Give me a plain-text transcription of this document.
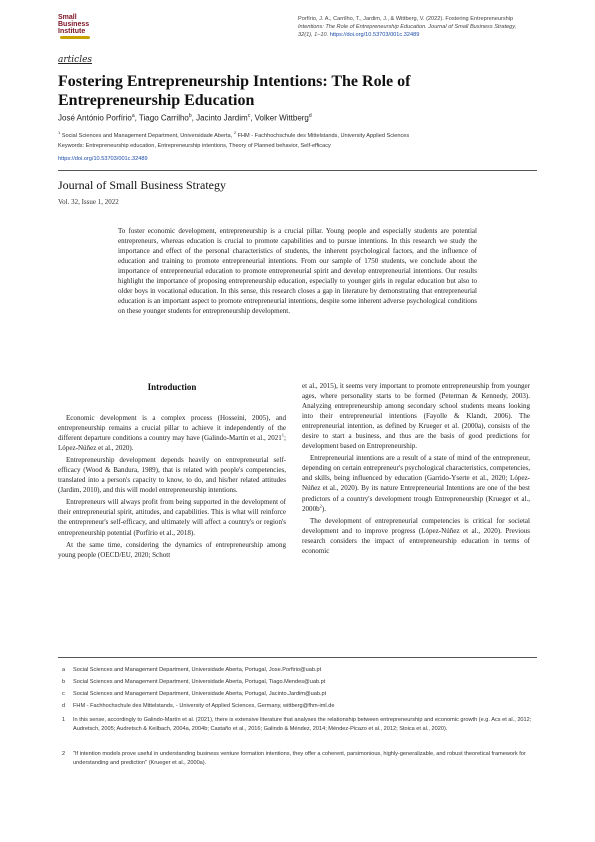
Small
Business
Institute
Porfírio, J. A., Carrilho, T., Jardim, J., & Wittberg, V. (2022). Fostering Entrepreneurship
Intentions: The Role of Entrepreneurship Education. Journal of Small Business Strategy,
32(1), 1–10. https://doi.org/10.53703/001c.32489
articles
Fostering Entrepreneurship Intentions: The Role of Entrepreneurship Education
José António Porfírio$^a$, Tiago Carrilho$^b$, Jacinto Jardim$^c$, Volker Wittberg$^d$
$^1$ Social Sciences and Management Department, Universidade Aberta, $^2$ FHM - Fachhochschule des Mittelstands, University Applied Sciences
Keywords: Entrepreneurship education, Entrepreneurship intentions, Theory of Planned behavior, Self-efficacy
https://doi.org/10.53703/001c.32489
Journal of Small Business Strategy
Vol. 32, Issue 1, 2022

To foster economic development, entrepreneurship is a crucial pillar. Young people and especially students are potential entrepreneurs, whereas education is crucial to promote capabilities and to pursue intentions. In this research we study the importance and effect of the personal characteristics of students, the inherent psychological factors, and the influence of education and training to promote entrepreneurial intentions. From our sample of 1750 students, we conclude about the importance of entrepreneurial education to promote entrepreneurial spirit and develop entrepreneurial intentions. Our results highlight the importance of proposing entrepreneurship education, especially to younger girls in regular education but also to older boys in vocational education. In this sense, this research closes a gap in literature by demonstrating that entrepreneurial education is an important aspect to promote entrepreneurial intentions, despite some inherent adverse psychological conditions on these younger students for entrepreneurship development.

Introduction

Economic development is a complex process (Hosseini, 2005), and entrepreneurship remains a crucial pillar to achieve it independently of the different departure conditions a country may have (Galindo-Martín et al., 2021$^1$; López-Núñez et al., 2020).

Entrepreneurship development depends heavily on entrepreneurial self-efficacy (Wood & Bandura, 1989), that is related with people's competencies, translated into a person's capacity to know, to do, and his/her related attitudes (Jardim, 2010), and this will model entrepreneurship intentions.

Entrepreneurs will always profit from being supported in the development of their entrepreneurial spirit, attitudes, and capabilities. This is what will reinforce the entrepreneur's self-efficacy, and ultimately will affect a country's or region's entrepreneurship potential (Porfírio et al., 2018).

At the same time, considering the dynamics of entrepreneurship among young people (OECD/EU, 2020; Schott

et al., 2015), it seems very important to promote entrepreneurship from younger ages, where personality starts to be formed (Peterman & Kennedy, 2003). Analyzing entrepreneurship among secondary school students means looking into their entrepreneurial intentions (Fayolle & Klandt, 2006). The entrepreneurial intention, as defined by Krueger et al. (2000a), consists of the desire to start a business, and thus are the basis of good predictions for development based on Entrepreneurship.

Entrepreneurial intentions are a result of a state of mind of the entrepreneur, depending on certain entrepreneur's psychological characteristics, competencies, and skills, being influenced by education (Garrido-Yserte et al., 2020; López-Núñez et al., 2020). By its nature Entrepreneurial Intentions are one of the best predictors of a country's development trough Entrepreneurship (Krueger et al., $2000b^2$).

The development of entrepreneurial competencies is critical for societal development and to improve progress (López-Núñez et al., 2020). Previous research considers the impact of entrepreneurship education in terms of economic

a Social Sciences and Management Department, Universidade Aberta, Portugal, Jose.Porfirio@uab.pt
b Social Sciences and Management Department, Universidade Aberta, Portugal, Tiago.Mendes@uab.pt
c Social Sciences and Management Department, Universidade Aberta, Portugal, Jacinto.Jardim@uab.pt
d FHM - Fachhochschule des Mittelstands, - University of Applied Sciences, Germany, wittberg@fhm-iml.de
1 In this sense, accordingly to Galindo-Martín et al. (2021), there is extensive literature that analyses the relationship between entrepreneurship and economic growth (e.g. Acs et al., 2012; Audretsch, 2005; Audretsch & Keilbach, 2004a, 2004b; Castaño et al., 2016; Galindo & Méndez, 2014; Méndez-Picazo et al., 2012; Stoica et al., 2020).
2 "If intention models prove useful in understanding business venture formation intentions, they offer a coherent, parsimonious, highly-generalizable, and robust theoretical framework for understanding and prediction" (Krueger et al., 2000a).
